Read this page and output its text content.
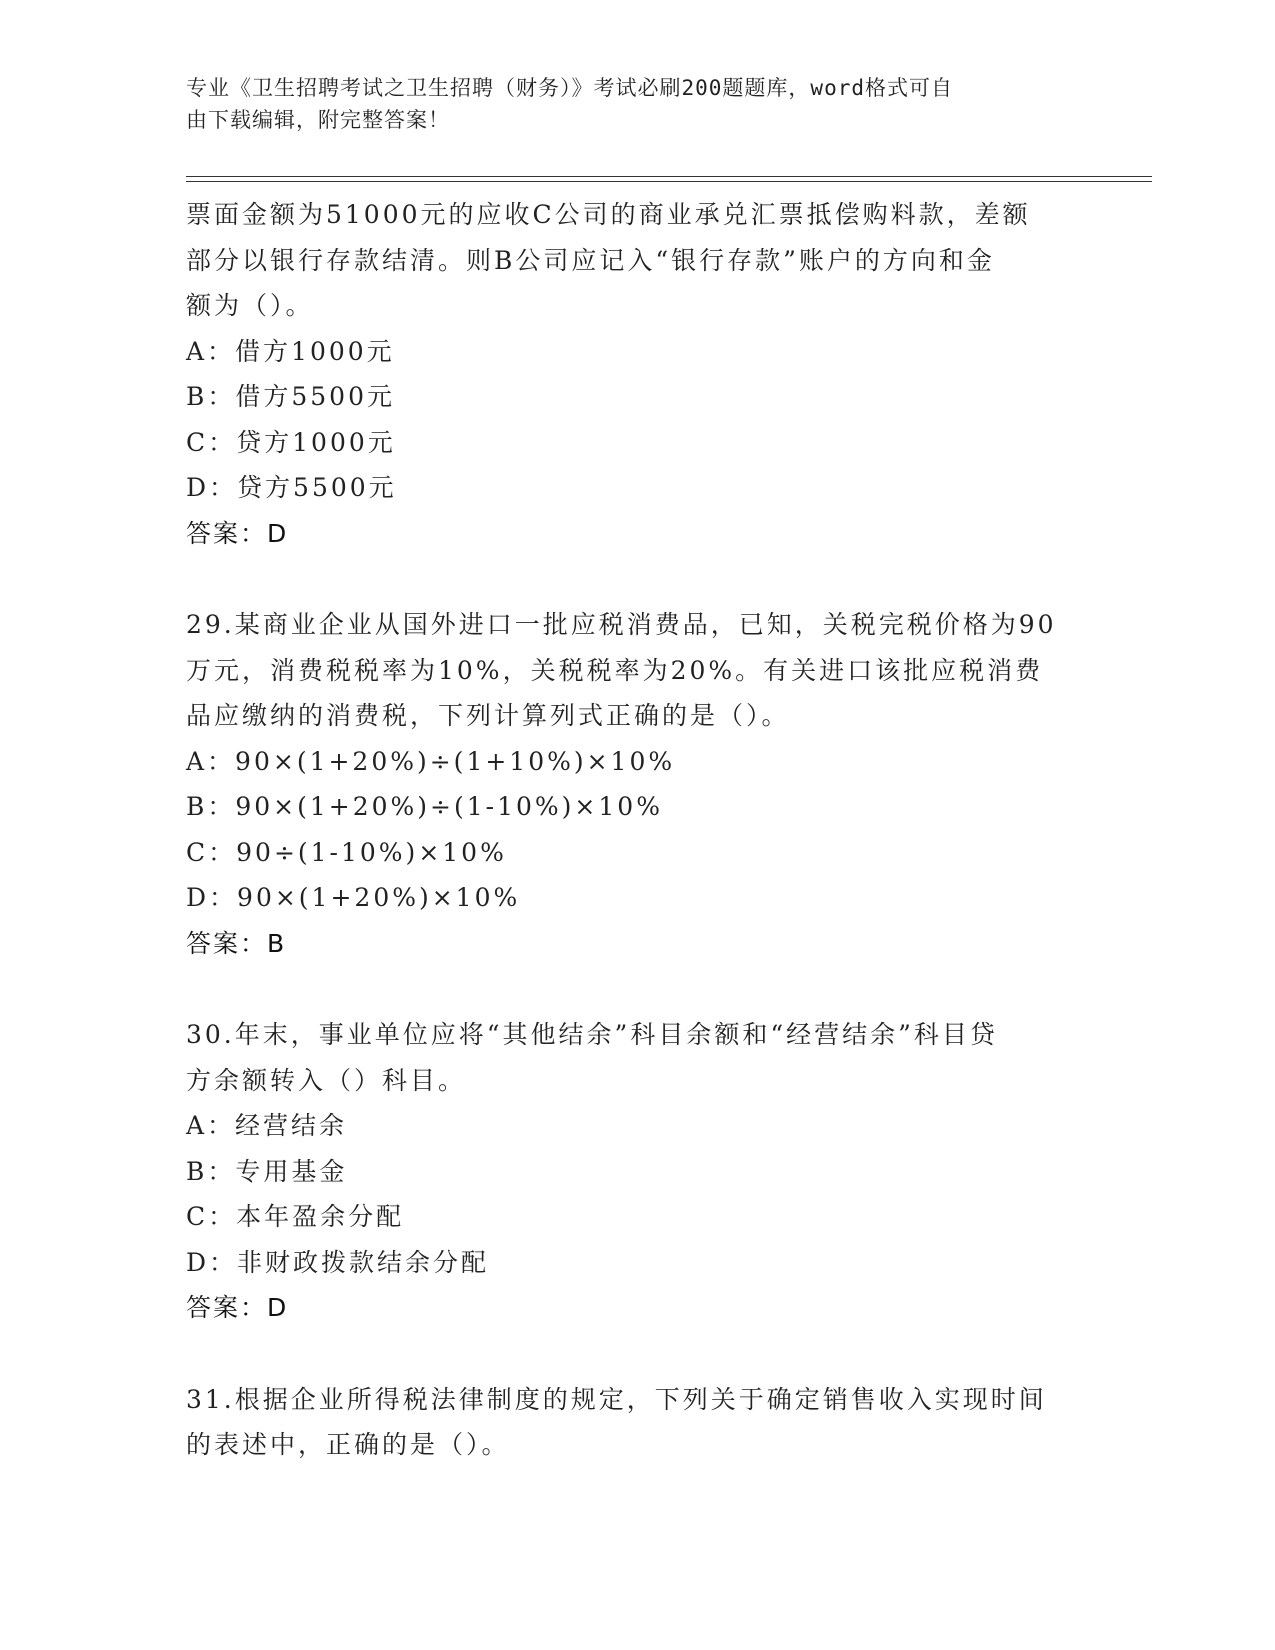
专业《卫生招聘考试之卫生招聘（财务）》考试必刷200题题库，word格式可自
由下载编辑，附完整答案！
票面金额为51000元的应收C公司的商业承兑汇票抵偿购料款，差额
部分以银行存款结清。则B公司应记入“银行存款”账户的方向和金
额为（）。
A：借方1000元
B：借方5500元
C：贷方1000元
D：贷方5500元
答案：D
29.某商业企业从国外进口一批应税消费品，已知，关税完税价格为90
万元，消费税税率为10%，关税税率为20%。有关进口该批应税消费
品应缴纳的消费税，下列计算列式正确的是（）。
A：90×(1+20%)÷(1+10%)×10%
B：90×(1+20%)÷(1-10%)×10%
C：90÷(1-10%)×10%
D：90×(1+20%)×10%
答案：B
30.年末，事业单位应将“其他结余”科目余额和“经营结余”科目贷
方余额转入（）科目。
A：经营结余
B：专用基金
C：本年盈余分配
D：非财政拨款结余分配
答案：D
31.根据企业所得税法律制度的规定，下列关于确定销售收入实现时间
的表述中，正确的是（）。
